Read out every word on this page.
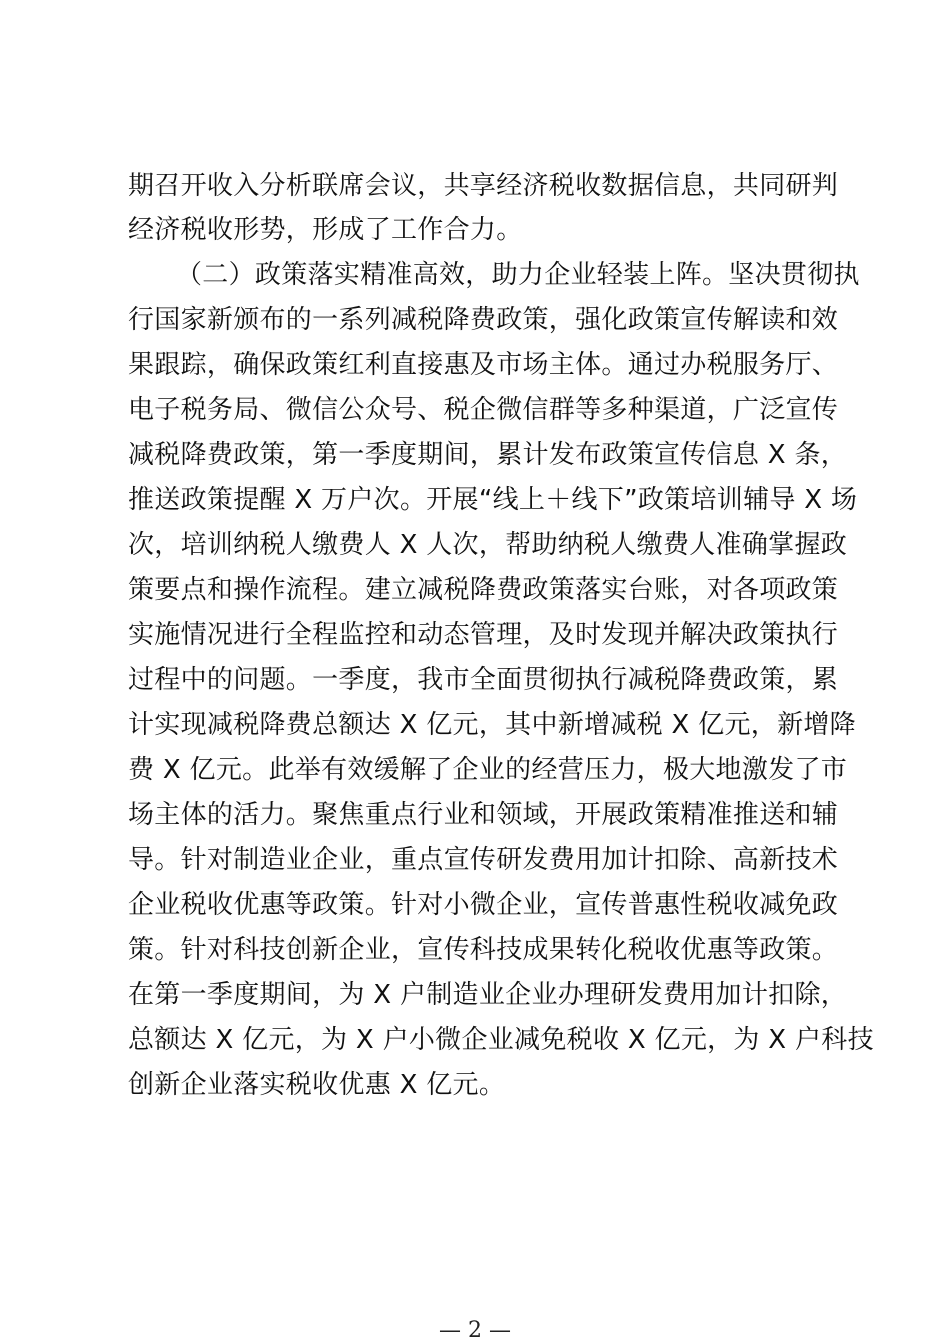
期召开收入分析联席会议，共享经济税收数据信息，共同研判
经济税收形势，形成了工作合力。
（二）政策落实精准高效，助力企业轻装上阵。坚决贯彻执
行国家新颁布的一系列减税降费政策，强化政策宣传解读和效
果跟踪，确保政策红利直接惠及市场主体。通过办税服务厅、
电子税务局、微信公众号、税企微信群等多种渠道，广泛宣传
减税降费政策，第一季度期间，累计发布政策宣传信息 X 条，
推送政策提醒 X 万户次。开展“线上＋线下”政策培训辅导 X 场
次，培训纳税人缴费人 X 人次，帮助纳税人缴费人准确掌握政
策要点和操作流程。建立减税降费政策落实台账，对各项政策
实施情况进行全程监控和动态管理，及时发现并解决政策执行
过程中的问题。一季度，我市全面贯彻执行减税降费政策，累
计实现减税降费总额达 X 亿元，其中新增减税 X 亿元，新增降
费 X 亿元。此举有效缓解了企业的经营压力，极大地激发了市
场主体的活力。聚焦重点行业和领域，开展政策精准推送和辅
导。针对制造业企业，重点宣传研发费用加计扣除、高新技术
企业税收优惠等政策。针对小微企业，宣传普惠性税收减免政
策。针对科技创新企业，宣传科技成果转化税收优惠等政策。
在第一季度期间，为 X 户制造业企业办理研发费用加计扣除，
总额达 X 亿元，为 X 户小微企业减免税收 X 亿元，为 X 户科技
创新企业落实税收优惠 X 亿元。
— 2 —
